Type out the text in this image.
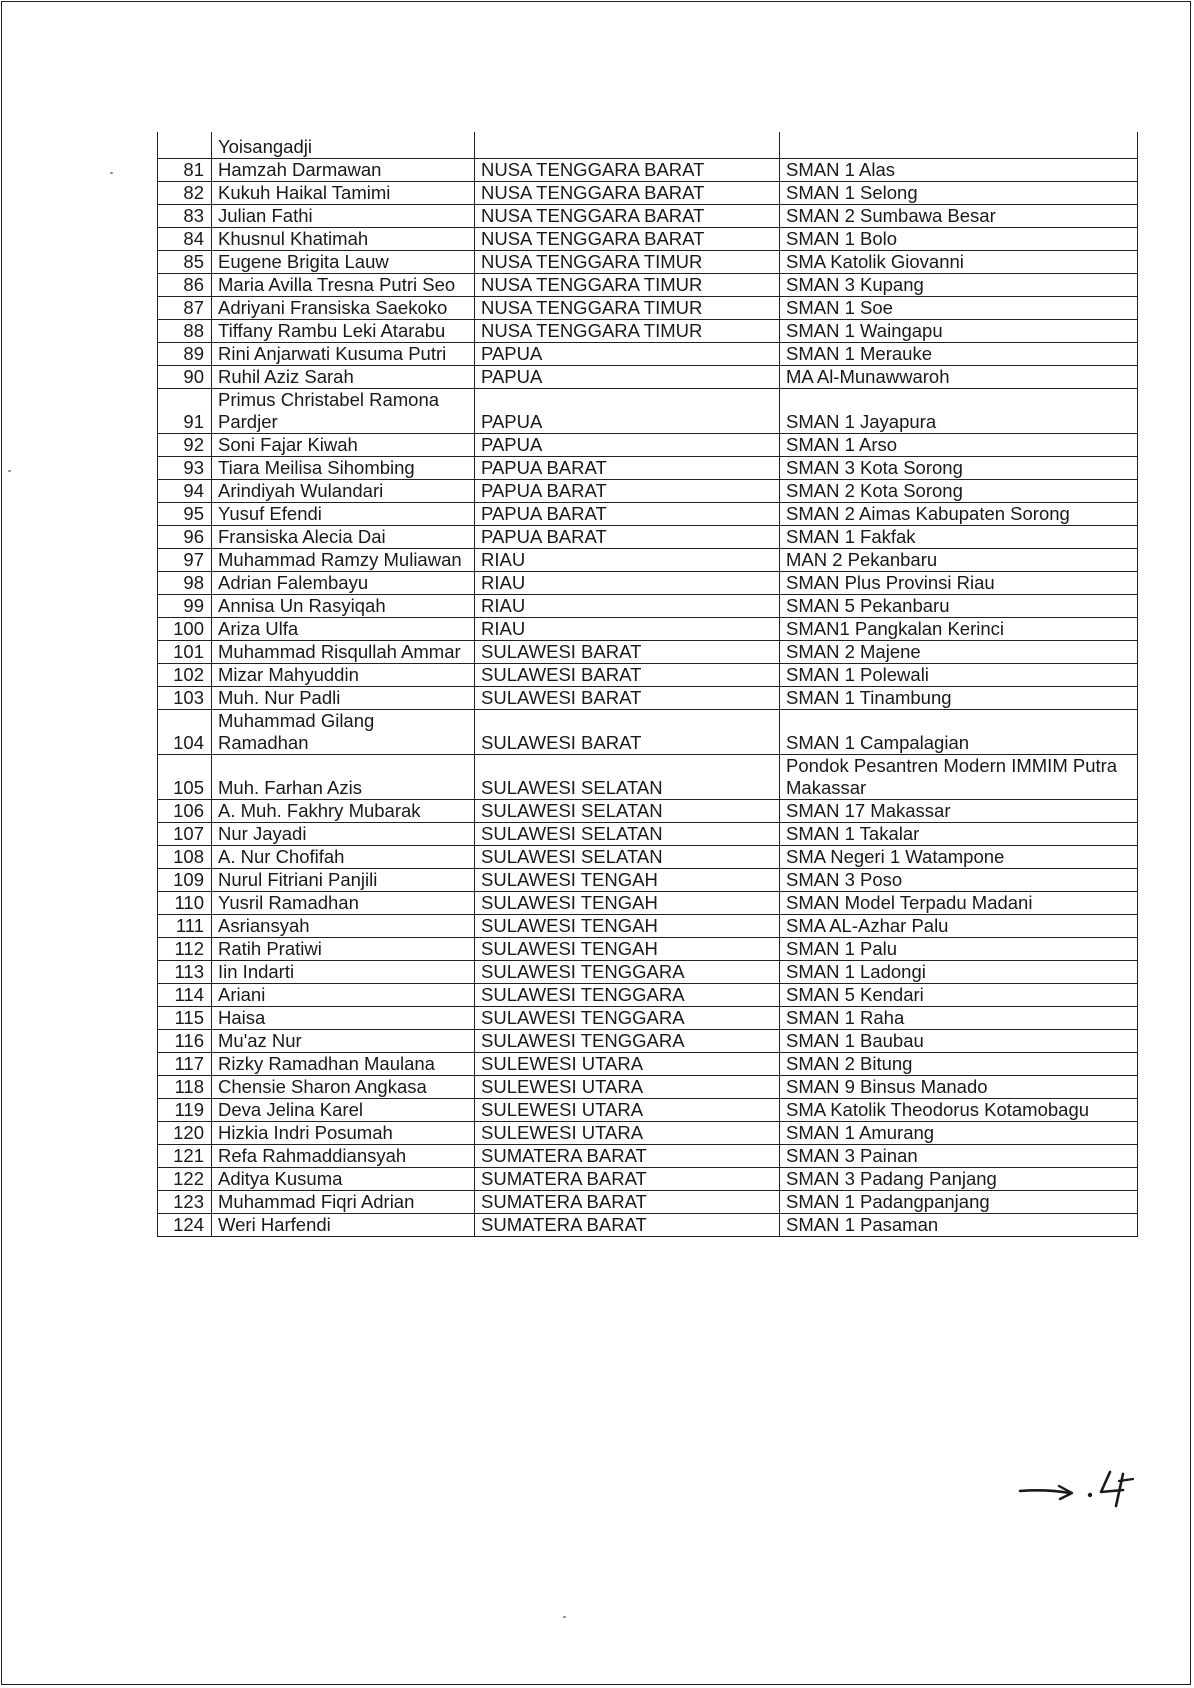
	Yoisangadji		
81	Hamzah Darmawan	NUSA TENGGARA BARAT	SMAN 1 Alas
82	Kukuh Haikal Tamimi	NUSA TENGGARA BARAT	SMAN 1 Selong
83	Julian Fathi	NUSA TENGGARA BARAT	SMAN 2 Sumbawa Besar
84	Khusnul Khatimah	NUSA TENGGARA BARAT	SMAN 1 Bolo
85	Eugene Brigita Lauw	NUSA TENGGARA TIMUR	SMA Katolik Giovanni
86	Maria Avilla Tresna Putri Seo	NUSA TENGGARA TIMUR	SMAN 3 Kupang
87	Adriyani Fransiska Saekoko	NUSA TENGGARA TIMUR	SMAN 1 Soe
88	Tiffany Rambu Leki Atarabu	NUSA TENGGARA TIMUR	SMAN 1 Waingapu
89	Rini Anjarwati Kusuma Putri	PAPUA	SMAN 1 Merauke
90	Ruhil Aziz Sarah	PAPUA	MA Al-Munawwaroh
91	Primus Christabel Ramona Pardjer	PAPUA	SMAN 1 Jayapura
92	Soni Fajar Kiwah	PAPUA	SMAN 1 Arso
93	Tiara Meilisa Sihombing	PAPUA BARAT	SMAN 3 Kota Sorong
94	Arindiyah Wulandari	PAPUA BARAT	SMAN 2 Kota Sorong
95	Yusuf Efendi	PAPUA BARAT	SMAN 2 Aimas Kabupaten Sorong
96	Fransiska Alecia Dai	PAPUA BARAT	SMAN 1 Fakfak
97	Muhammad Ramzy Muliawan	RIAU	MAN 2 Pekanbaru
98	Adrian Falembayu	RIAU	SMAN Plus Provinsi Riau
99	Annisa Un Rasyiqah	RIAU	SMAN 5 Pekanbaru
100	Ariza Ulfa	RIAU	SMAN1 Pangkalan Kerinci
101	Muhammad Risqullah Ammar	SULAWESI BARAT	SMAN 2 Majene
102	Mizar Mahyuddin	SULAWESI BARAT	SMAN 1 Polewali
103	Muh. Nur Padli	SULAWESI BARAT	SMAN 1 Tinambung
104	Muhammad Gilang Ramadhan	SULAWESI BARAT	SMAN 1 Campalagian
105	Muh. Farhan Azis	SULAWESI SELATAN	Pondok Pesantren Modern IMMIM Putra Makassar
106	A. Muh. Fakhry Mubarak	SULAWESI SELATAN	SMAN 17 Makassar
107	Nur Jayadi	SULAWESI SELATAN	SMAN 1 Takalar
108	A. Nur Chofifah	SULAWESI SELATAN	SMA Negeri 1 Watampone
109	Nurul Fitriani Panjili	SULAWESI TENGAH	SMAN 3 Poso
110	Yusril Ramadhan	SULAWESI TENGAH	SMAN Model Terpadu Madani
111	Asriansyah	SULAWESI TENGAH	SMA AL-Azhar Palu
112	Ratih Pratiwi	SULAWESI TENGAH	SMAN 1 Palu
113	Iin Indarti	SULAWESI TENGGARA	SMAN 1 Ladongi
114	Ariani	SULAWESI TENGGARA	SMAN 5 Kendari
115	Haisa	SULAWESI TENGGARA	SMAN 1 Raha
116	Mu'az Nur	SULAWESI TENGGARA	SMAN 1 Baubau
117	Rizky Ramadhan Maulana	SULEWESI UTARA	SMAN 2 Bitung
118	Chensie Sharon Angkasa	SULEWESI UTARA	SMAN 9 Binsus Manado
119	Deva Jelina Karel	SULEWESI UTARA	SMA Katolik Theodorus Kotamobagu
120	Hizkia Indri Posumah	SULEWESI UTARA	SMAN 1 Amurang
121	Refa Rahmaddiansyah	SUMATERA BARAT	SMAN 3 Painan
122	Aditya Kusuma	SUMATERA BARAT	SMAN 3 Padang Panjang
123	Muhammad Fiqri Adrian	SUMATERA BARAT	SMAN 1 Padangpanjang
124	Weri Harfendi	SUMATERA BARAT	SMAN 1 Pasaman
